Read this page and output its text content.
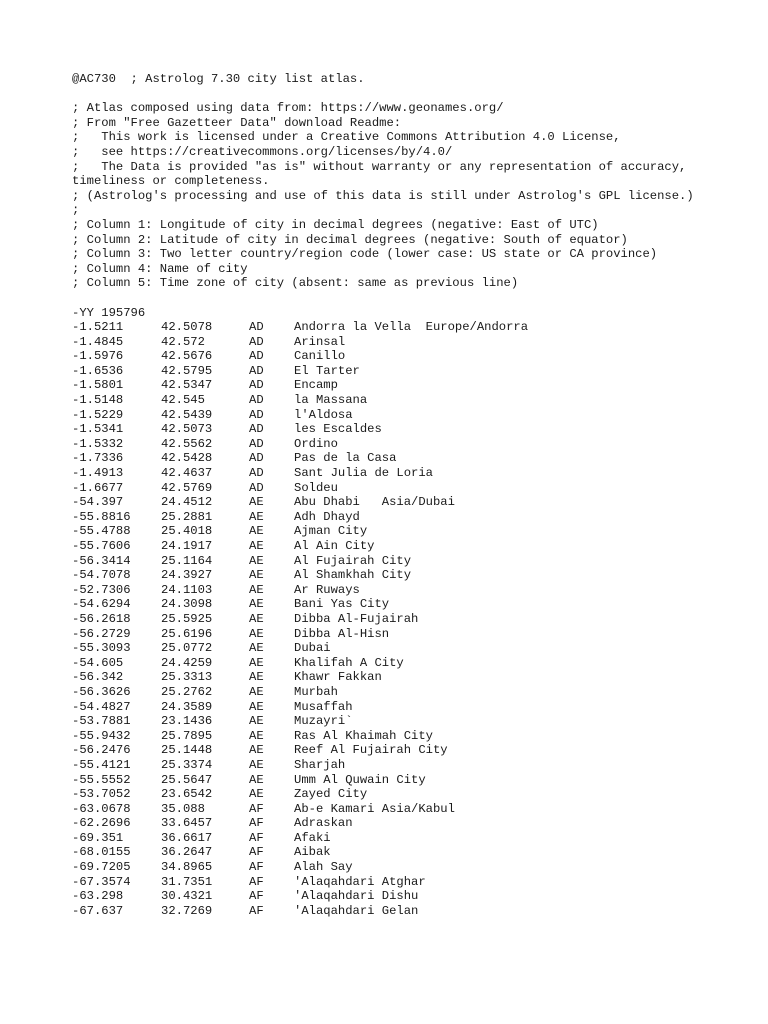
@AC730  ; Astrolog 7.30 city list atlas.
; Atlas composed using data from: https://www.geonames.org/
; From "Free Gazetteer Data" download Readme:
;   This work is licensed under a Creative Commons Attribution 4.0 License,
;   see https://creativecommons.org/licenses/by/4.0/
;   The Data is provided "as is" without warranty or any representation of accuracy, timeliness or completeness.
; (Astrolog's processing and use of this data is still under Astrolog's GPL license.)
;
; Column 1: Longitude of city in decimal degrees (negative: East of UTC)
; Column 2: Latitude of city in decimal degrees (negative: South of equator)
; Column 3: Two letter country/region code (lower case: US state or CA province)
; Column 4: Name of city
; Column 5: Time zone of city (absent: same as previous line)
-YY 195796
-1.5211	42.5078	AD Andorra la Vella  Europe/Andorra
-1.4845	42.572	AD Arinsal
-1.5976	42.5676	AD Canillo
-1.6536	42.5795	AD El Tarter
-1.5801	42.5347	AD Encamp
-1.5148	42.545	AD la Massana
-1.5229	42.5439	AD l'Aldosa
-1.5341	42.5073	AD les Escaldes
-1.5332	42.5562	AD Ordino
-1.7336	42.5428	AD Pas de la Casa
-1.4913	42.4637	AD Sant Julia de Loria
-1.6677	42.5769	AD Soldeu
-54.397	24.4512	AE Abu Dhabi   Asia/Dubai
-55.8816 25.2881	AE Adh Dhayd
-55.4788 25.4018	AE Ajman City
-55.7606 24.1917	AE Al Ain City
-56.3414 25.1164	AE Al Fujairah City
-54.7078 24.3927	AE Al Shamkhah City
-52.7306 24.1103	AE Ar Ruways
-54.6294 24.3098	AE Bani Yas City
-56.2618 25.5925	AE Dibba Al-Fujairah
-56.2729 25.6196	AE Dibba Al-Hisn
-55.3093 25.0772	AE Dubai
-54.605	24.4259	AE Khalifah A City
-56.342	25.3313	AE Khawr Fakkan
-56.3626 25.2762	AE Murbah
-54.4827 24.3589	AE Musaffah
-53.7881 23.1436	AE Muzayri`
-55.9432 25.7895	AE Ras Al Khaimah City
-56.2476 25.1448	AE Reef Al Fujairah City
-55.4121 25.3374	AE Sharjah
-55.5552 25.5647	AE Umm Al Quwain City
-53.7052 23.6542	AE Zayed City
-63.0678 35.088	AF Ab-e Kamari Asia/Kabul
-62.2696 33.6457	AF Adraskan
-69.351	36.6617	AF Afaki
-68.0155 36.2647	AF Aibak
-69.7205 34.8965	AF Alah Say
-67.3574 31.7351	AF 'Alaqahdari Atghar
-63.298	30.4321	AF 'Alaqahdari Dishu
-67.637	32.7269	AF 'Alaqahdari Gelan
